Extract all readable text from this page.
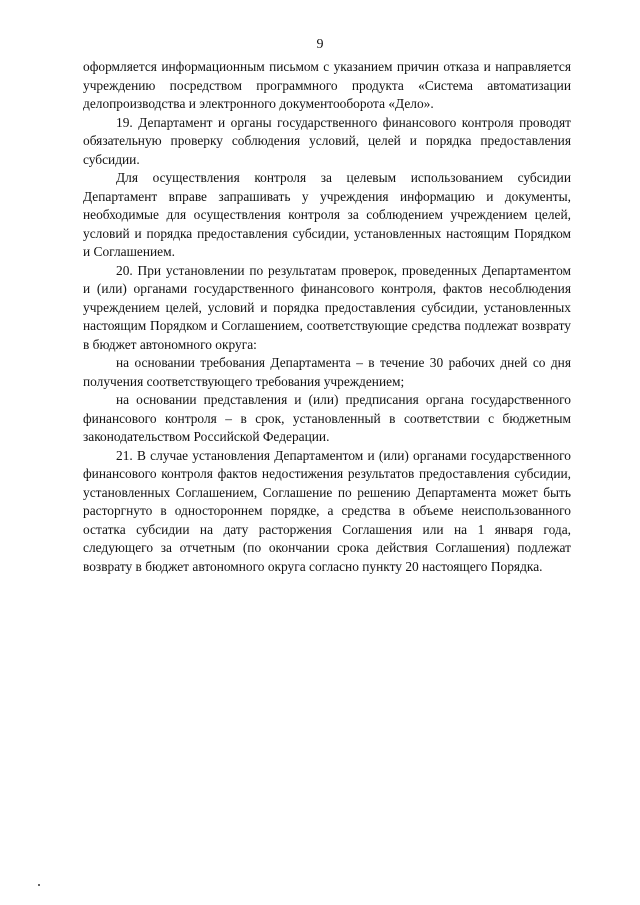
9

оформляется информационным письмом с указанием причин отказа и направляется учреждению посредством программного продукта «Система автоматизации делопроизводства и электронного документооборота «Дело».

19. Департамент и органы государственного финансового контроля проводят обязательную проверку соблюдения условий, целей и порядка предоставления субсидии.

Для осуществления контроля за целевым использованием субсидии Департамент вправе запрашивать у учреждения информацию и документы, необходимые для осуществления контроля за соблюдением учреждением целей, условий и порядка предоставления субсидии, установленных настоящим Порядком и Соглашением.

20. При установлении по результатам проверок, проведенных Департаментом и (или) органами государственного финансового контроля, фактов несоблюдения учреждением целей, условий и порядка предоставления субсидии, установленных настоящим Порядком и Соглашением, соответствующие средства подлежат возврату в бюджет автономного округа:

на основании требования Департамента – в течение 30 рабочих дней со дня получения соответствующего требования учреждением;

на основании представления и (или) предписания органа государственного финансового контроля – в срок, установленный в соответствии с бюджетным законодательством Российской Федерации.

21. В случае установления Департаментом и (или) органами государственного финансового контроля фактов недостижения результатов предоставления субсидии, установленных Соглашением, Соглашение по решению Департамента может быть расторгнуто в одностороннем порядке, а средства в объеме неиспользованного остатка субсидии на дату расторжения Соглашения или на 1 января года, следующего за отчетным (по окончании срока действия Соглашения) подлежат возврату в бюджет автономного округа согласно пункту 20 настоящего Порядка.
